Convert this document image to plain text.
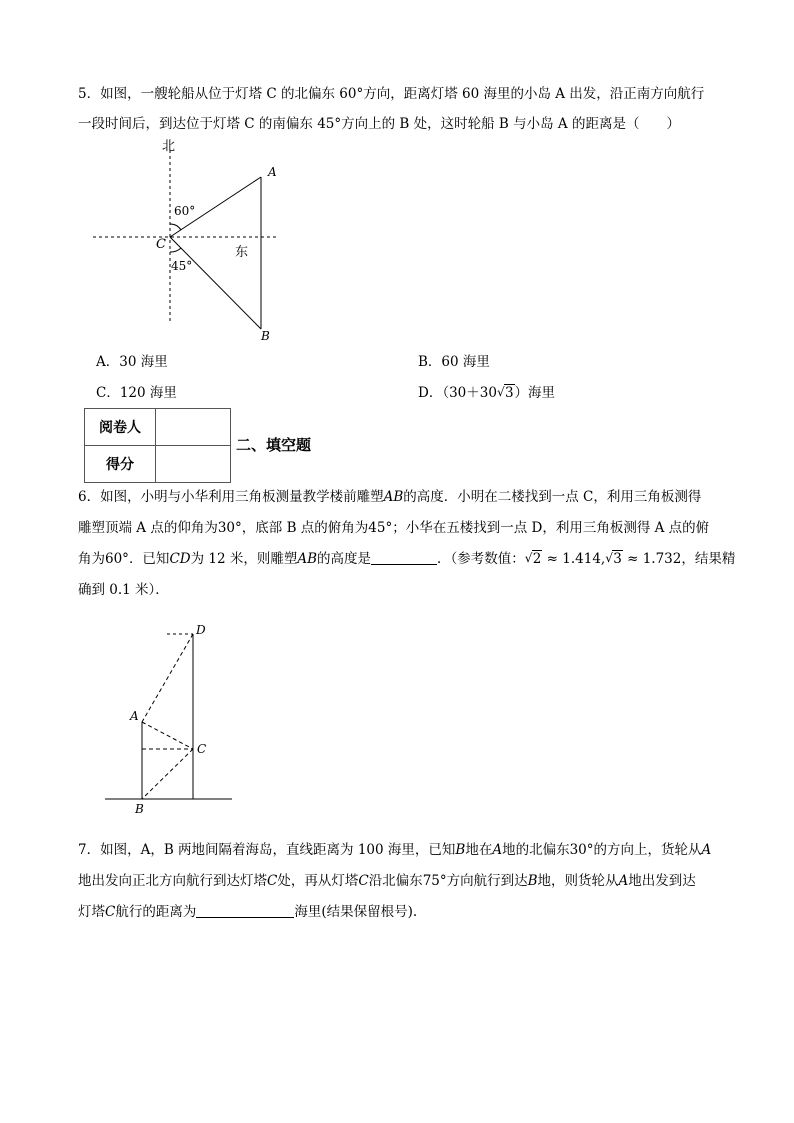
5．如图，一艘轮船从位于灯塔 C 的北偏东 60°方向，距离灯塔 60 海里的小岛 A 出发，沿正南方向航行
一段时间后，到达位于灯塔 C 的南偏东 45°方向上的 B 处，这时轮船 B 与小岛 A 的距离是（　　）
北
东
A
B
C
60°
45°
A．30 海里	B．60 海里
C．120 海里	D．（30＋30 √ 3）海里
阅卷人	
得分	
二、填空题
6．如图，小明与小华利用三角板测量教学楼前雕塑AB的高度．小明在二楼找到一点 C，利用三角板测得
雕塑顶端 A 点的仰角为30°，底部 B 点的俯角为45°；小华在五楼找到一点 D，利用三角板测得 A 点的俯
角为60°．已知CD为 12 米，则雕塑AB的高度是	．（参考数值： √ 2 ≈ 1.414, √ 3 ≈ 1.732，结果精
确到 0.1 米）．
D
A
C
B
7．如图，A，B 两地间隔着海岛，直线距离为 100 海里，已知B地在A地的北偏东30°的方向上，货轮从A
地出发向正北方向航行到达灯塔C处，再从灯塔C沿北偏东75°方向航行到达B地，则货轮从A地出发到达
灯塔C航行的距离为	海里(结果保留根号).
